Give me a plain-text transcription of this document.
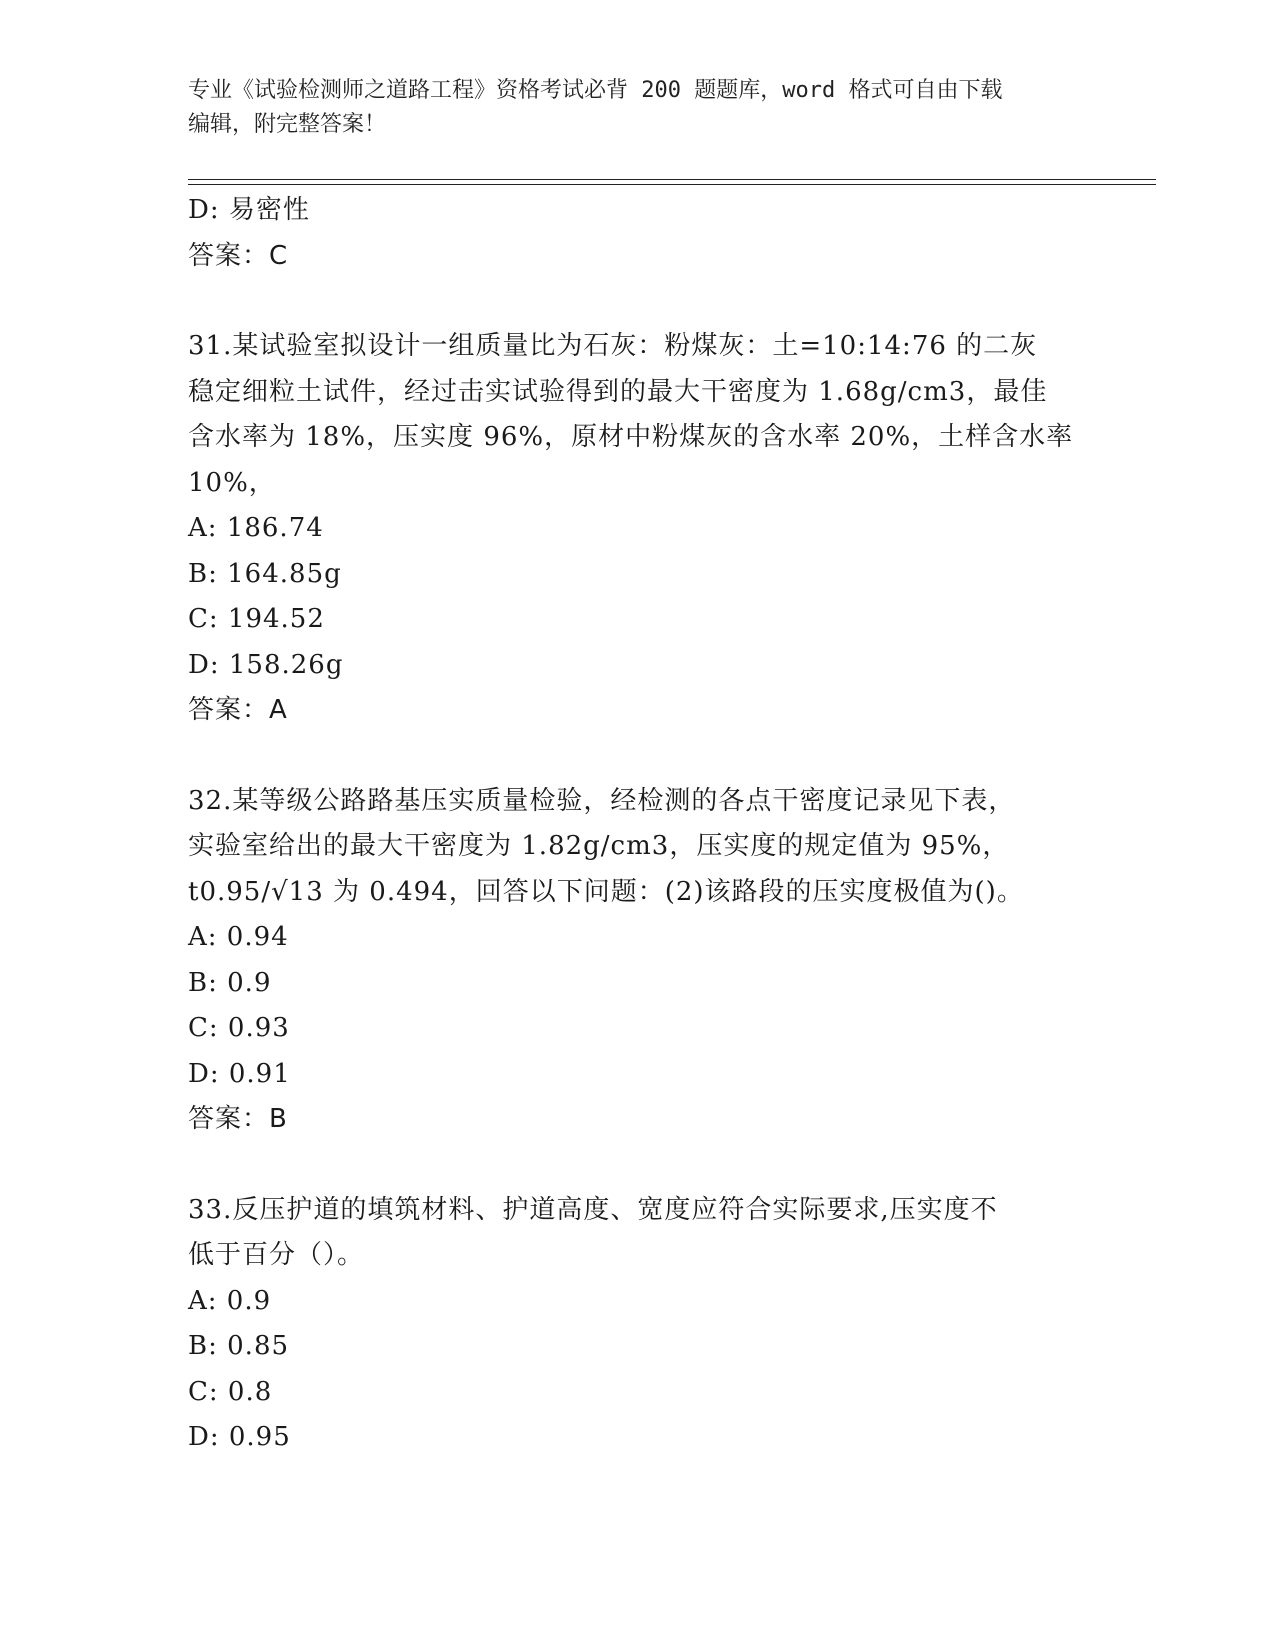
专业《试验检测师之道路工程》资格考试必背 200 题题库，word 格式可自由下载
编辑，附完整答案！
D: 易密性
答案：C
31.某试验室拟设计一组质量比为石灰：粉煤灰：土=10:14:76 的二灰
稳定细粒土试件，经过击实试验得到的最大干密度为 1.68g/cm3，最佳
含水率为 18%，压实度 96%，原材中粉煤灰的含水率 20%，土样含水率
10%，
A: 186.74
B: 164.85g
C: 194.52
D: 158.26g
答案：A
32.某等级公路路基压实质量检验，经检测的各点干密度记录见下表，
实验室给出的最大干密度为 1.82g/cm3，压实度的规定值为 95%，
t0.95/√13 为 0.494，回答以下问题：(2)该路段的压实度极值为()。
A: 0.94
B: 0.9
C: 0.93
D: 0.91
答案：B
33.反压护道的填筑材料、护道高度、宽度应符合实际要求,压实度不
低于百分（）。
A: 0.9
B: 0.85
C: 0.8
D: 0.95
